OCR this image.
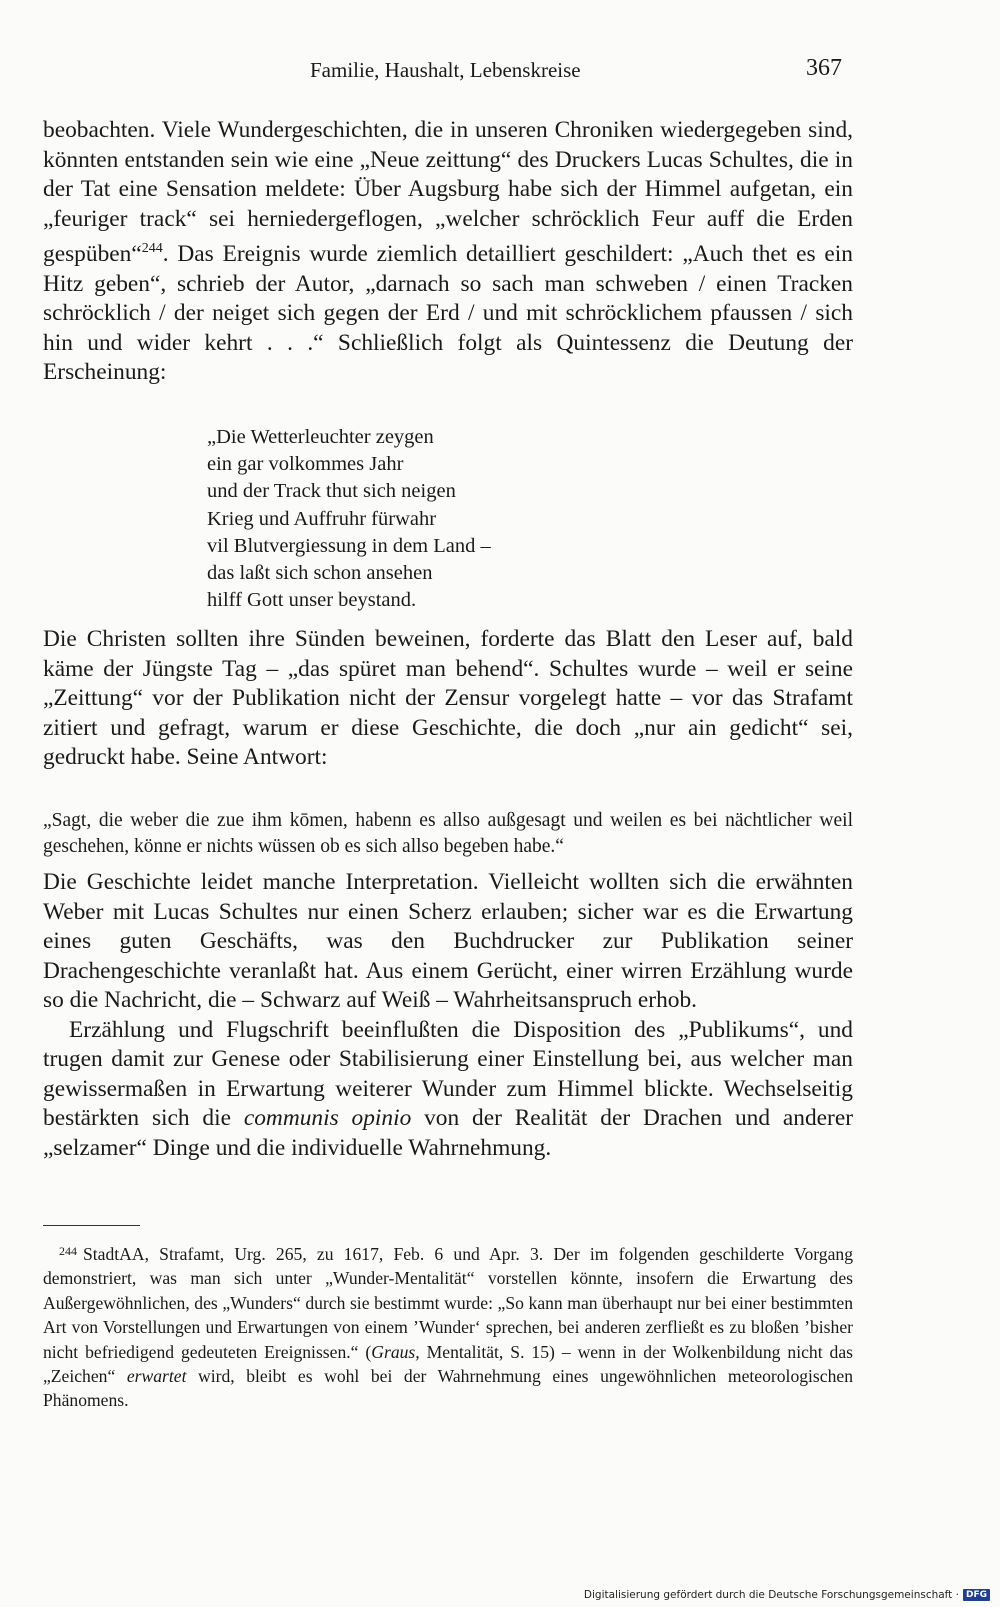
Familie, Haushalt, Lebenskreise	367

beobachten. Viele Wundergeschichten, die in unseren Chroniken wiedergegeben sind, könnten entstanden sein wie eine „Neue zeittung“ des Druckers Lucas Schultes, die in der Tat eine Sensation meldete: Über Augsburg habe sich der Himmel aufgetan, ein „feuriger track“ sei herniedergeflogen, „welcher schröcklich Feur auff die Erden gespüben“$^{244}$. Das Ereignis wurde ziemlich detailliert geschildert: „Auch thet es ein Hitz geben“, schrieb der Autor, „darnach so sach man schweben / einen Tracken schröcklich / der neiget sich gegen der Erd / und mit schröcklichem pfaussen / sich hin und wider kehrt . . .“ Schließlich folgt als Quintessenz die Deutung der Erscheinung:

„Die Wetterleuchter zeygen
ein gar volkommes Jahr
und der Track thut sich neigen
Krieg und Auffruhr fürwahr
vil Blutvergiessung in dem Land –
das laßt sich schon ansehen
hilff Gott unser beystand.

Die Christen sollten ihre Sünden beweinen, forderte das Blatt den Leser auf, bald käme der Jüngste Tag – „das spüret man behend“. Schultes wurde – weil er seine „Zeittung“ vor der Publikation nicht der Zensur vorgelegt hatte – vor das Strafamt zitiert und gefragt, warum er diese Geschichte, die doch „nur ain gedicht“ sei, gedruckt habe. Seine Antwort:

„Sagt, die weber die zue ihm kōmen, habenn es allso außgesagt und weilen es bei nächtlicher weil geschehen, könne er nichts wüssen ob es sich allso begeben habe.“

Die Geschichte leidet manche Interpretation. Vielleicht wollten sich die erwähnten Weber mit Lucas Schultes nur einen Scherz erlauben; sicher war es die Erwartung eines guten Geschäfts, was den Buchdrucker zur Publikation seiner Drachengeschichte veranlaßt hat. Aus einem Gerücht, einer wirren Erzählung wurde so die Nachricht, die – Schwarz auf Weiß – Wahrheitsanspruch erhob.

Erzählung und Flugschrift beeinflußten die Disposition des „Publikums“, und trugen damit zur Genese oder Stabilisierung einer Einstellung bei, aus welcher man gewissermaßen in Erwartung weiterer Wunder zum Himmel blickte. Wechselseitig bestärkten sich die communis opinio von der Realität der Drachen und anderer „selzamer“ Dinge und die individuelle Wahrnehmung.

$^{244}$ StadtAA, Strafamt, Urg. 265, zu 1617, Feb. 6 und Apr. 3. Der im folgenden geschilderte Vorgang demonstriert, was man sich unter „Wunder-Mentalität“ vorstellen könnte, insofern die Erwartung des Außergewöhnlichen, des „Wunders“ durch sie bestimmt wurde: „So kann man überhaupt nur bei einer bestimmten Art von Vorstellungen und Erwartungen von einem ’Wunder‘ sprechen, bei anderen zerfließt es zu bloßen ’bisher nicht befriedigend gedeuteten Ereignissen.“ (Graus, Mentalität, S. 15) – wenn in der Wolkenbildung nicht das „Zeichen“ erwartet wird, bleibt es wohl bei der Wahrnehmung eines ungewöhnlichen meteorologischen Phänomens.
Digitalisierung gefördert durch die Deutsche Forschungsgemeinschaft · DFG
